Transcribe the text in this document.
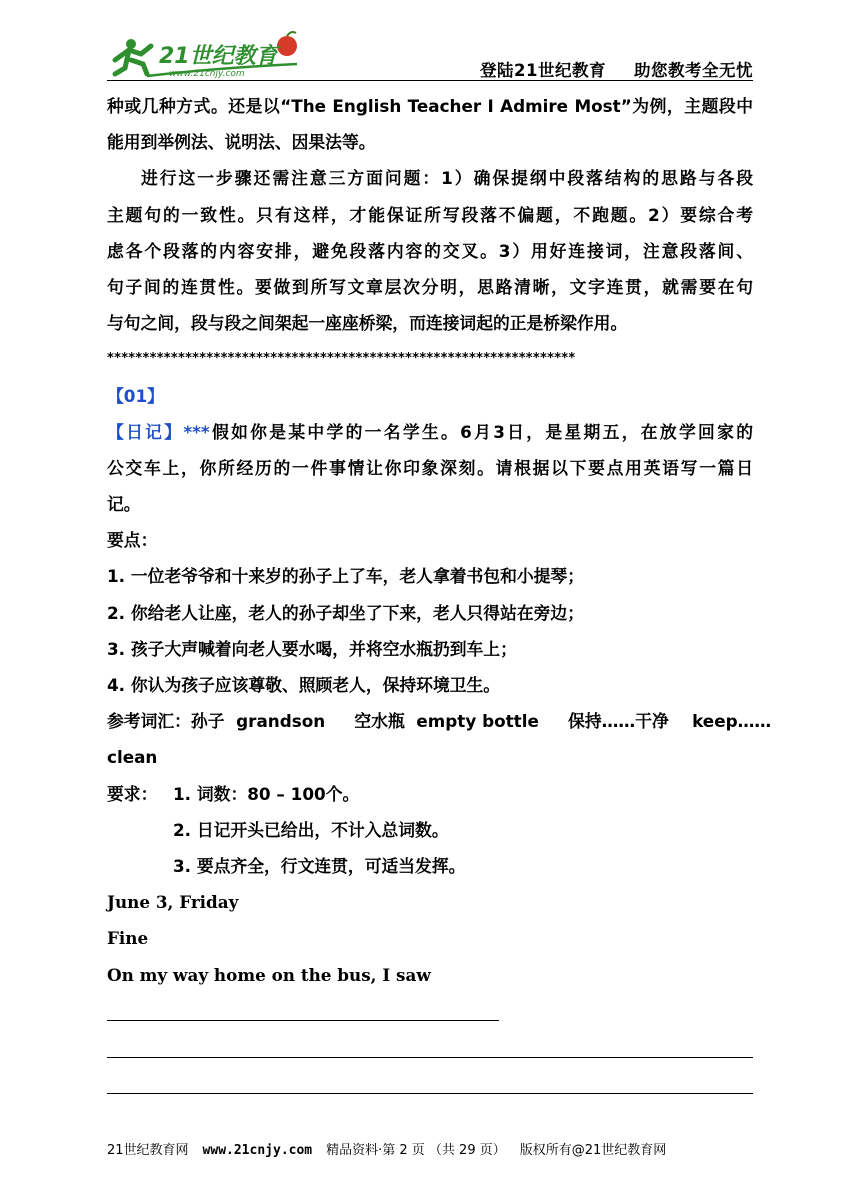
21世纪教育
www.21cnjy.com	登陆21世纪教育 助您教考全无忧
种或几种方式。还是以“The English Teacher I Admire Most”为例，主题段中
能用到举例法、说明法、因果法等。
进行这一步骤还需注意三方面问题：1）确保提纲中段落结构的思路与各段
主题句的一致性。只有这样，才能保证所写段落不偏题，不跑题。2）要综合考
虑各个段落的内容安排，避免段落内容的交叉。3）用好连接词，注意段落间、
句子间的连贯性。要做到所写文章层次分明，思路清晰，文字连贯，就需要在句
与句之间，段与段之间架起一座座桥梁，而连接词起的正是桥梁作用。
******************************************************************
【01】
【日记】***假如你是某中学的一名学生。6月3日，是星期五，在放学回家的
公交车上，你所经历的一件事情让你印象深刻。请根据以下要点用英语写一篇日
记。
要点：
1. 一位老爷爷和十来岁的孙子上了车，老人拿着书包和小提琴；
2. 你给老人让座，老人的孙子却坐了下来，老人只得站在旁边；
3. 孩子大声喊着向老人要水喝，并将空水瓶扔到车上；
4. 你认为孩子应该尊敬、照顾老人，保持环境卫生。
参考词汇：孙子  grandson     空水瓶  empty bottle     保持……干净    keep……
clean
要求： 1. 词数：80 – 100个。
2. 日记开头已给出，不计入总词数。
3. 要点齐全，行文连贯，可适当发挥。
June 3, Friday
Fine
On my way home on the bus, I saw
21世纪教育网 www.21cnjy.com 精品资料·第 2 页 （共 29 页） 版权所有@21世纪教育网
